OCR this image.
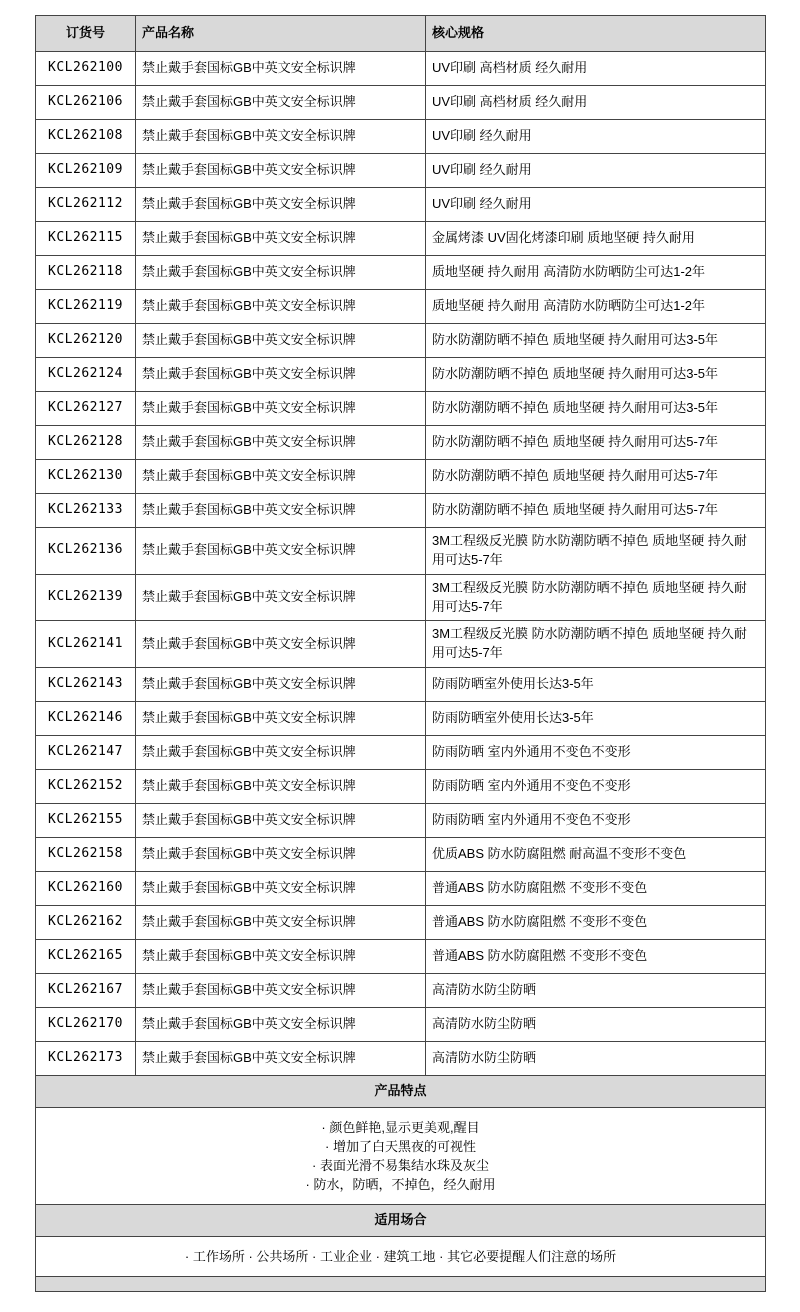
订货号	产品名称	核心规格
KCL262100	禁止戴手套国标GB中英文安全标识牌	UV印刷 高档材质 经久耐用
KCL262106	禁止戴手套国标GB中英文安全标识牌	UV印刷 高档材质 经久耐用
KCL262108	禁止戴手套国标GB中英文安全标识牌	UV印刷 经久耐用
KCL262109	禁止戴手套国标GB中英文安全标识牌	UV印刷 经久耐用
KCL262112	禁止戴手套国标GB中英文安全标识牌	UV印刷 经久耐用
KCL262115	禁止戴手套国标GB中英文安全标识牌	金属烤漆 UV固化烤漆印刷 质地坚硬 持久耐用
KCL262118	禁止戴手套国标GB中英文安全标识牌	质地坚硬 持久耐用 高清防水防晒防尘可达1-2年
KCL262119	禁止戴手套国标GB中英文安全标识牌	质地坚硬 持久耐用 高清防水防晒防尘可达1-2年
KCL262120	禁止戴手套国标GB中英文安全标识牌	防水防潮防晒不掉色 质地坚硬 持久耐用可达3-5年
KCL262124	禁止戴手套国标GB中英文安全标识牌	防水防潮防晒不掉色 质地坚硬 持久耐用可达3-5年
KCL262127	禁止戴手套国标GB中英文安全标识牌	防水防潮防晒不掉色 质地坚硬 持久耐用可达3-5年
KCL262128	禁止戴手套国标GB中英文安全标识牌	防水防潮防晒不掉色 质地坚硬 持久耐用可达5-7年
KCL262130	禁止戴手套国标GB中英文安全标识牌	防水防潮防晒不掉色 质地坚硬 持久耐用可达5-7年
KCL262133	禁止戴手套国标GB中英文安全标识牌	防水防潮防晒不掉色 质地坚硬 持久耐用可达5-7年
KCL262136	禁止戴手套国标GB中英文安全标识牌	3M工程级反光膜 防水防潮防晒不掉色 质地坚硬 持久耐用可达5-7年
KCL262139	禁止戴手套国标GB中英文安全标识牌	3M工程级反光膜 防水防潮防晒不掉色 质地坚硬 持久耐用可达5-7年
KCL262141	禁止戴手套国标GB中英文安全标识牌	3M工程级反光膜 防水防潮防晒不掉色 质地坚硬 持久耐用可达5-7年
KCL262143	禁止戴手套国标GB中英文安全标识牌	防雨防晒室外使用长达3-5年
KCL262146	禁止戴手套国标GB中英文安全标识牌	防雨防晒室外使用长达3-5年
KCL262147	禁止戴手套国标GB中英文安全标识牌	防雨防晒 室内外通用不变色不变形
KCL262152	禁止戴手套国标GB中英文安全标识牌	防雨防晒 室内外通用不变色不变形
KCL262155	禁止戴手套国标GB中英文安全标识牌	防雨防晒 室内外通用不变色不变形
KCL262158	禁止戴手套国标GB中英文安全标识牌	优质ABS 防水防腐阻燃 耐高温不变形不变色
KCL262160	禁止戴手套国标GB中英文安全标识牌	普通ABS 防水防腐阻燃 不变形不变色
KCL262162	禁止戴手套国标GB中英文安全标识牌	普通ABS 防水防腐阻燃 不变形不变色
KCL262165	禁止戴手套国标GB中英文安全标识牌	普通ABS 防水防腐阻燃 不变形不变色
KCL262167	禁止戴手套国标GB中英文安全标识牌	高清防水防尘防晒
KCL262170	禁止戴手套国标GB中英文安全标识牌	高清防水防尘防晒
KCL262173	禁止戴手套国标GB中英文安全标识牌	高清防水防尘防晒
产品特点		

· 颜色鲜艳,显示更美观,醒目
· 增加了白天黑夜的可视性
· 表面光滑不易集结水珠及灰尘
· 防水，防晒，不掉色，经久耐用		

适用场合		

· 工作场所 · 公共场所 · 工业企业 · 建筑工地 · 其它必要提醒人们注意的场所		
